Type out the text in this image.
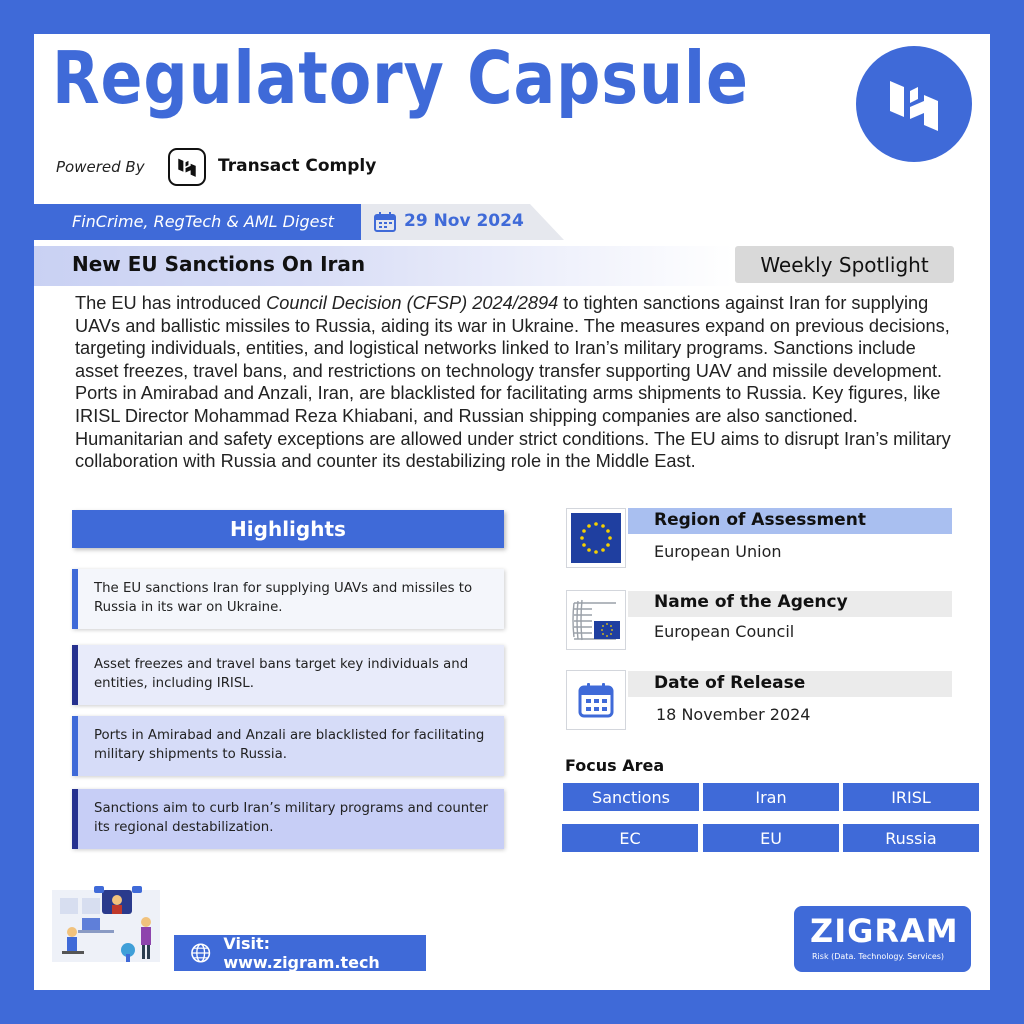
Regulatory Capsule
Powered By	Transact Comply
FinCrime, RegTech & AML Digest	29 Nov 2024
New EU Sanctions On Iran	Weekly Spotlight

The EU has introduced Council Decision (CFSP) 2024/2894 to tighten sanctions against Iran for supplying UAVs and ballistic missiles to Russia, aiding its war in Ukraine. The measures expand on previous decisions, targeting individuals, entities, and logistical networks linked to Iran’s military programs. Sanctions include asset freezes, travel bans, and restrictions on technology transfer supporting UAV and missile development. Ports in Amirabad and Anzali, Iran, are blacklisted for facilitating arms shipments to Russia. Key figures, like IRISL Director Mohammad Reza Khiabani, and Russian shipping companies are also sanctioned. Humanitarian and safety exceptions are allowed under strict conditions. The EU aims to disrupt Iran’s military collaboration with Russia and counter its destabilizing role in the Middle East.

Highlights
The EU sanctions Iran for supplying UAVs and missiles to Russia in its war on Ukraine.
Asset freezes and travel bans target key individuals and entities, including IRISL.
Ports in Amirabad and Anzali are blacklisted for facilitating military shipments to Russia.
Sanctions aim to curb Iran’s military programs and counter its regional destabilization.
Region of Assessment
European Union
Name of the Agency
European Council
Date of Release
18 November 2024
Focus Area
Sanctions	Iran	IRISL
EC	EU	Russia
Visit: www.zigram.tech
ZIGRAM
Risk (Data. Technology. Services)
